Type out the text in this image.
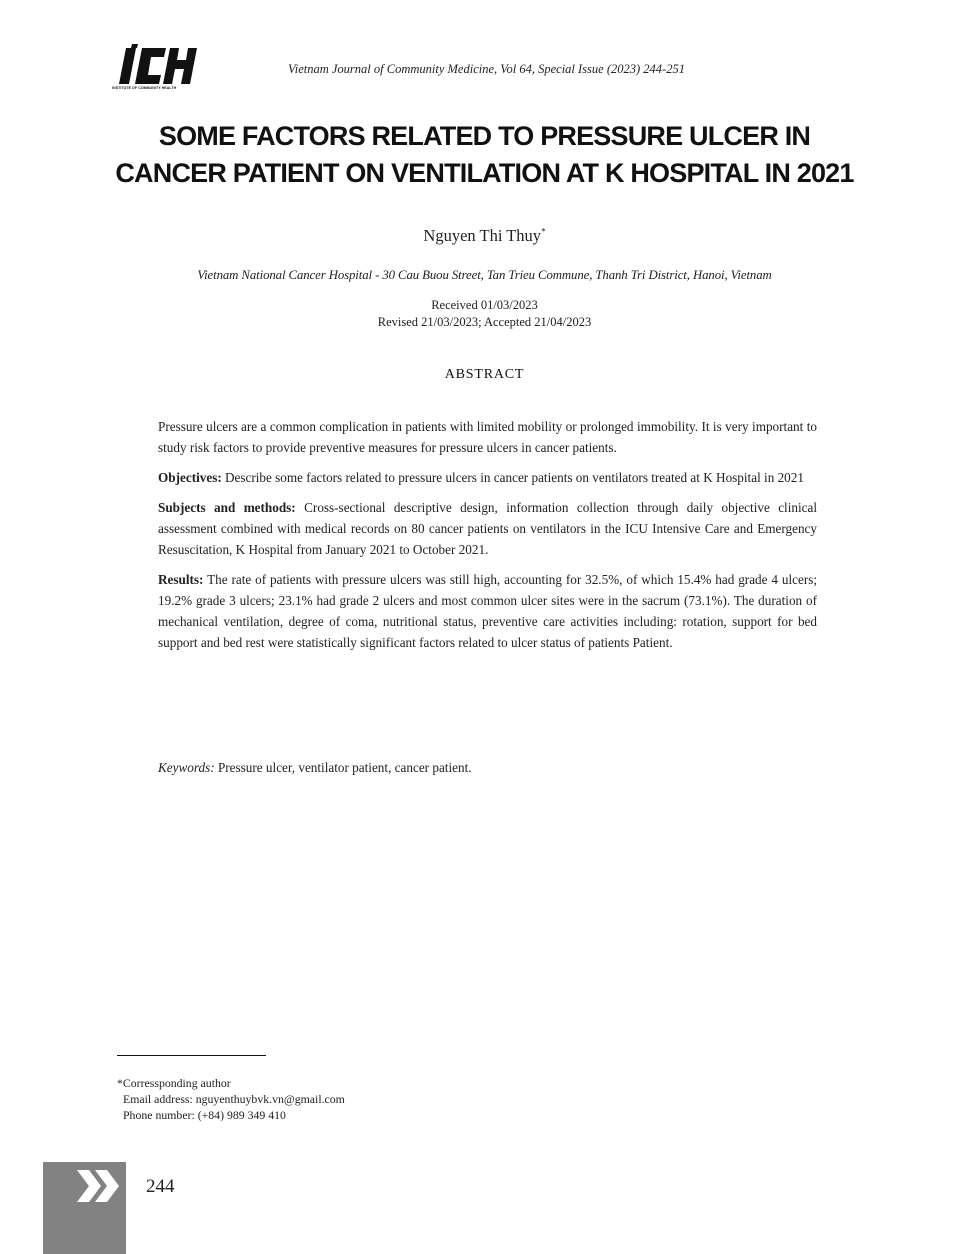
INSTITUTE OF COMMUNITY HEALTH
Vietnam Journal of Community Medicine, Vol 64, Special Issue (2023) 244-251
SOME FACTORS RELATED TO PRESSURE ULCER IN
CANCER PATIENT ON VENTILATION AT K HOSPITAL IN 2021
Nguyen Thi Thuy*
Vietnam National Cancer Hospital - 30 Cau Buou Street, Tan Trieu Commune, Thanh Tri District, Hanoi, Vietnam
Received 01/03/2023
Revised 21/03/2023; Accepted 21/04/2023
ABSTRACT

Pressure ulcers are a common complication in patients with limited mobility or prolonged immobility. It is very important to study risk factors to provide preventive measures for pressure ulcers in cancer patients.

Objectives: Describe some factors related to pressure ulcers in cancer patients on ventilators treated at K Hospital in 2021

Subjects and methods: Cross-sectional descriptive design, information collection through daily objective clinical assessment combined with medical records on 80 cancer patients on ventilators in the ICU Intensive Care and Emergency Resuscitation, K Hospital from January 2021 to October 2021.

Results: The rate of patients with pressure ulcers was still high, accounting for 32.5%, of which 15.4% had grade 4 ulcers; 19.2% grade 3 ulcers; 23.1% had grade 2 ulcers and most common ulcer sites were in the sacrum (73.1%). The duration of mechanical ventilation, degree of coma, nutritional status, preventive care activities including: rotation, support for bed support and bed rest were statistically significant factors related to ulcer status of patients Patient.

Keywords: Pressure ulcer, ventilator patient, cancer patient.
*Corressponding author
Email address: nguyenthuybvk.vn@gmail.com
Phone number: (+84) 989 349 410
244
